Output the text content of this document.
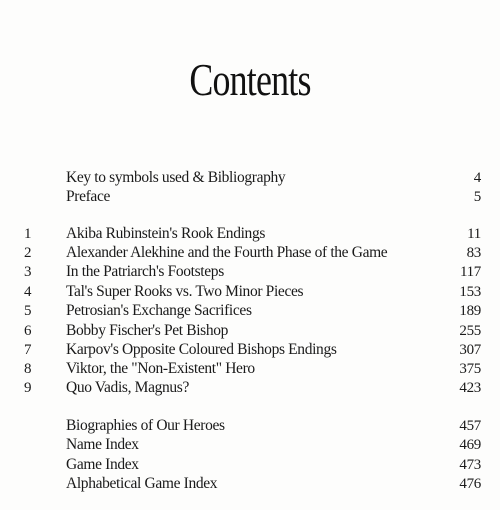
Contents
Key to symbols used & Bibliography	4
Preface	5
1 Akiba Rubinstein's Rook Endings	11
2 Alexander Alekhine and the Fourth Phase of the Game	83
3 In the Patriarch's Footsteps	117
4 Tal's Super Rooks vs. Two Minor Pieces	153
5 Petrosian's Exchange Sacrifices	189
6 Bobby Fischer's Pet Bishop	255
7 Karpov's Opposite Coloured Bishops Endings	307
8 Viktor, the "Non-Existent" Hero	375
9 Quo Vadis, Magnus?	423
Biographies of Our Heroes	457
Name Index	469
Game Index	473
Alphabetical Game Index	476
